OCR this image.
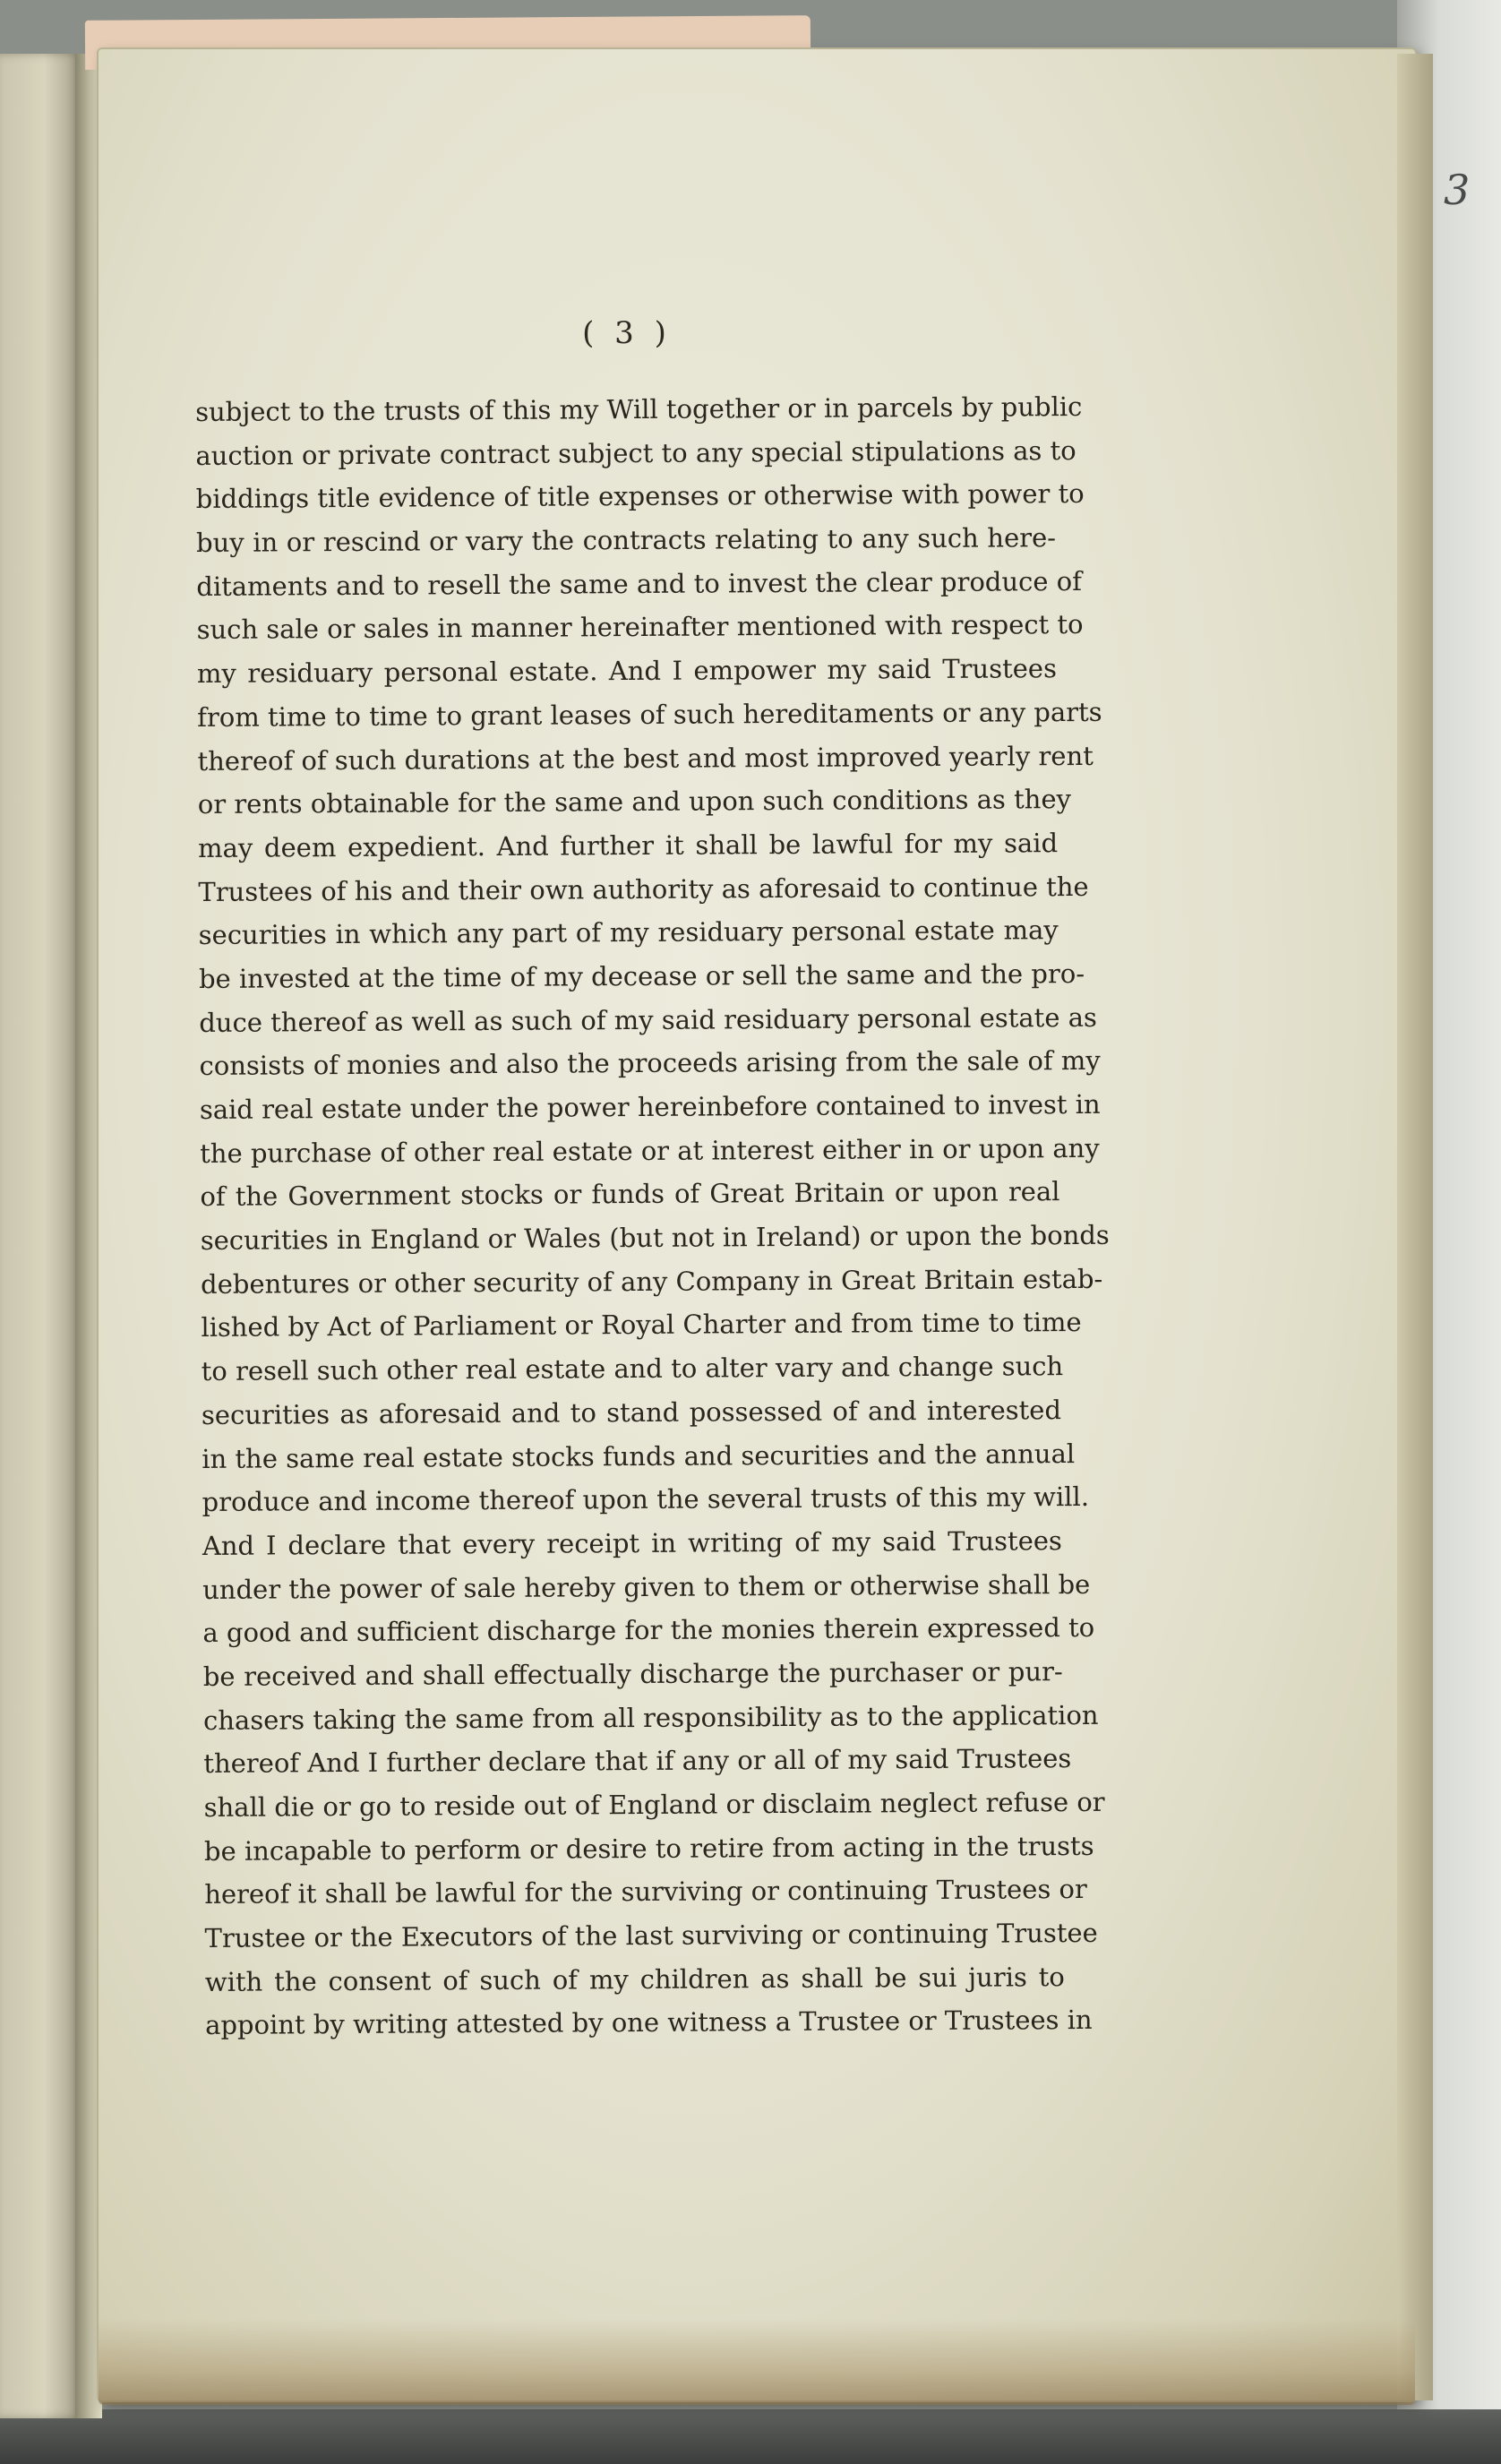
3
( 3 )
subject to the trusts of this my Will together or in parcels by public
auction or private contract subject to any special stipulations as to
biddings title evidence of title expenses or otherwise with power to
buy in or rescind or vary the contracts relating to any such here-
ditaments and to resell the same and to invest the clear produce of
such sale or sales in manner hereinafter mentioned with respect to
my residuary personal estate. And I empower my said Trustees
from time to time to grant leases of such hereditaments or any parts
thereof of such durations at the best and most improved yearly rent
or rents obtainable for the same and upon such conditions as they
may deem expedient. And further it shall be lawful for my said
Trustees of his and their own authority as aforesaid to continue the
securities in which any part of my residuary personal estate may
be invested at the time of my decease or sell the same and the pro-
duce thereof as well as such of my said residuary personal estate as
consists of monies and also the proceeds arising from the sale of my
said real estate under the power hereinbefore contained to invest in
the purchase of other real estate or at interest either in or upon any
of the Government stocks or funds of Great Britain or upon real
securities in England or Wales (but not in Ireland) or upon the bonds
debentures or other security of any Company in Great Britain estab-
lished by Act of Parliament or Royal Charter and from time to time
to resell such other real estate and to alter vary and change such
securities as aforesaid and to stand possessed of and interested
in the same real estate stocks funds and securities and the annual
produce and income thereof upon the several trusts of this my will.
And I declare that every receipt in writing of my said Trustees
under the power of sale hereby given to them or otherwise shall be
a good and sufficient discharge for the monies therein expressed to
be received and shall effectually discharge the purchaser or pur-
chasers taking the same from all responsibility as to the application
thereof And I further declare that if any or all of my said Trustees
shall die or go to reside out of England or disclaim neglect refuse or
be incapable to perform or desire to retire from acting in the trusts
hereof it shall be lawful for the surviving or continuing Trustees or
Trustee or the Executors of the last surviving or continuing Trustee
with the consent of such of my children as shall be sui juris to
appoint by writing attested by one witness a Trustee or Trustees in
